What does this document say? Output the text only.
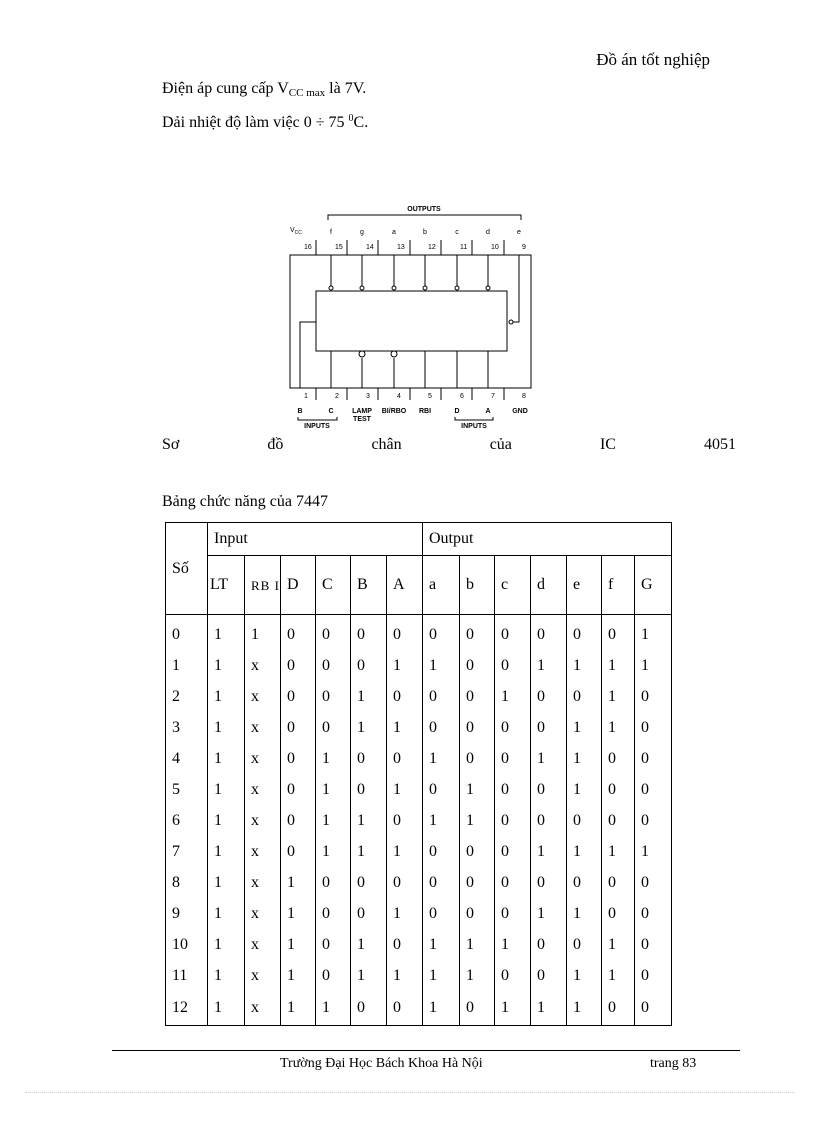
Đồ án tốt nghiệp
Điện áp cung cấp $V_{CC max}$ là 7V.
Dải nhiệt độ làm việc 0 ÷ 75 $^0$C.
OUTPUTS
$V_{CC}$	f	g	a	b	c	d	e
16	15	14	13	12	11	10	9
1	2	3	4	5	6	7	8
B	C	LAMP
TEST
BI/RBO RBI	D	A	GND
INPUTS	INPUTS
Sơ	đồ	chân	của	IC	4051
Bảng chức năng của 7447
Số	Input						Output						
	LT	RB I	D	C	B	A	a	b	c	d	e	f	G
0	1	1	0	0	0	0	0	0	0	0	0	0	1
1	1	x	0	0	0	1	1	0	0	1	1	1	1
2	1	x	0	0	1	0	0	0	1	0	0	1	0
3	1	x	0	0	1	1	0	0	0	0	1	1	0
4	1	x	0	1	0	0	1	0	0	1	1	0	0
5	1	x	0	1	0	1	0	1	0	0	1	0	0
6	1	x	0	1	1	0	1	1	0	0	0	0	0
7	1	x	0	1	1	1	0	0	0	1	1	1	1
8	1	x	1	0	0	0	0	0	0	0	0	0	0
9	1	x	1	0	0	1	0	0	0	1	1	0	0
10	1	x	1	0	1	0	1	1	1	0	0	1	0
11	1	x	1	0	1	1	1	1	0	0	1	1	0
12	1	x	1	1	0	0	1	0	1	1	1	0	0
Trường Đại Học Bách Khoa Hà Nội	trang 83
